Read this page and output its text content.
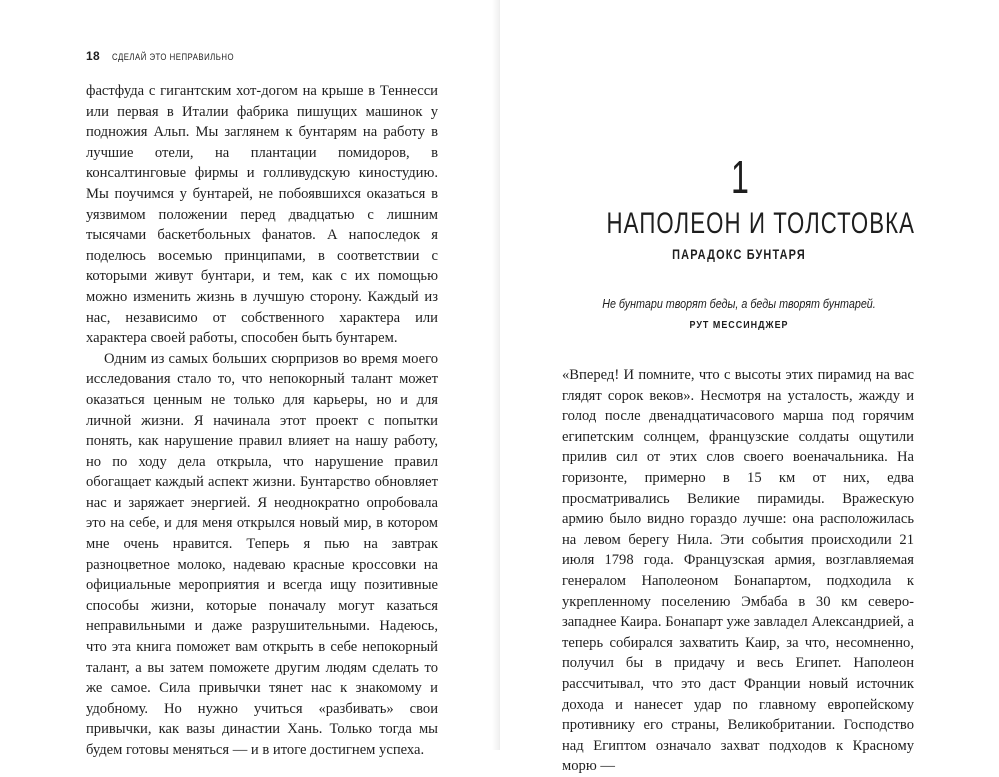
18 СДЕЛАЙ ЭТО НЕПРАВИЛЬНО

фастфуда с гигантским хот-догом на крыше в Теннесси или первая в Италии фабрика пишущих машинок у подножия Альп. Мы заглянем к бунтарям на работу в лучшие отели, на плантации помидоров, в консалтинговые фирмы и голливудскую киностудию. Мы поучимся у бунтарей, не побоявшихся оказаться в уязвимом положении перед двадцатью с лишним тысячами баскетбольных фанатов. А напоследок я поделюсь восемью принципами, в соответствии с которыми живут бунтари, и тем, как с их помощью можно изменить жизнь в лучшую сторону. Каждый из нас, независимо от собственного характера или характера своей работы, способен быть бунтарем.

Одним из самых больших сюрпризов во время моего исследования стало то, что непокорный талант может оказаться ценным не только для карьеры, но и для личной жизни. Я начинала этот проект с попытки понять, как нарушение правил влияет на нашу работу, но по ходу дела открыла, что нарушение правил обогащает каждый аспект жизни. Бунтарство обновляет нас и заряжает энергией. Я неоднократно опробовала это на себе, и для меня открылся новый мир, в котором мне очень нравится. Теперь я пью на завтрак разноцветное молоко, надеваю красные кроссовки на официальные мероприятия и всегда ищу позитивные способы жизни, которые поначалу могут казаться неправильными и даже разрушительными. Надеюсь, что эта книга поможет вам открыть в себе непокорный талант, а вы затем поможете другим людям сделать то же самое. Сила привычки тянет нас к знакомому и удобному. Но нужно учиться «разбивать» свои привычки, как вазы династии Хань. Только тогда мы будем готовы меняться — и в итоге достигнем успеха.

1
НАПОЛЕОН И ТОЛСТОВКА
ПАРАДОКС БУНТАРЯ
Не бунтари творят беды, а беды творят бунтарей.
РУТ МЕССИНДЖЕР

«Вперед! И помните, что с высоты этих пирамид на вас глядят сорок веков». Несмотря на усталость, жажду и голод после двенадцатичасового марша под горячим египетским солнцем, французские солдаты ощутили прилив сил от этих слов своего военачальника. На горизонте, примерно в 15 км от них, едва просматривались Великие пирамиды. Вражескую армию было видно гораздо лучше: она расположилась на левом берегу Нила. Эти события происходили 21 июля 1798 года. Французская армия, возглавляемая генералом Наполеоном Бонапартом, подходила к укрепленному поселению Эмбаба в 30 км северо-западнее Каира. Бонапарт уже завладел Александрией, а теперь собирался захватить Каир, за что, несомненно, получил бы в придачу и весь Египет. Наполеон рассчитывал, что это даст Франции новый источник дохода и нанесет удар по главному европейскому противнику его страны, Великобритании. Господство над Египтом означало захват подходов к Красному морю —
